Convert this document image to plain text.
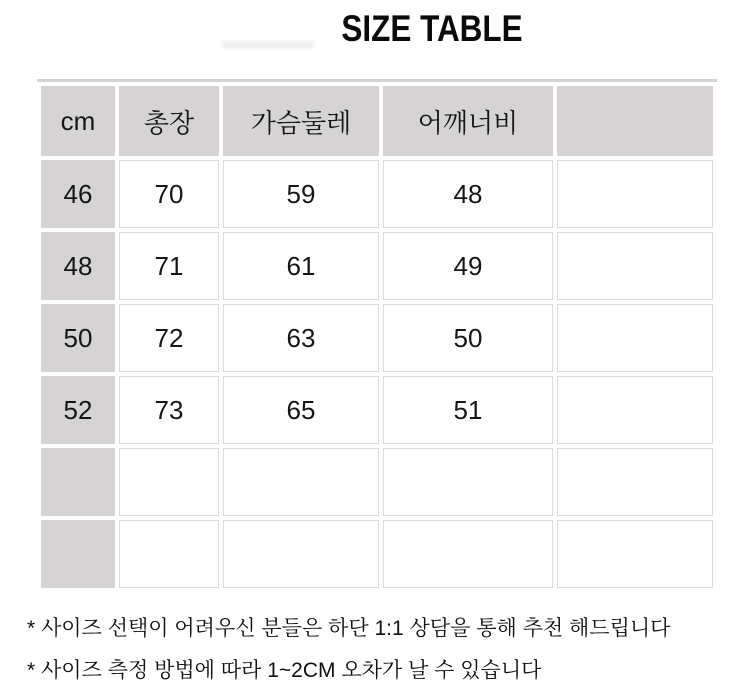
SIZE TABLE
cm	총장	가슴둘레	어깨너비	
46	70	59	48	
48	71	61	49	
50	72	63	50	
52	73	65	51	

* 사이즈 선택이 어려우신 분들은 하단 1:1 상담을 통해 추천 해드립니다
* 사이즈 측정 방법에 따라 1~2CM 오차가 날 수 있습니다
